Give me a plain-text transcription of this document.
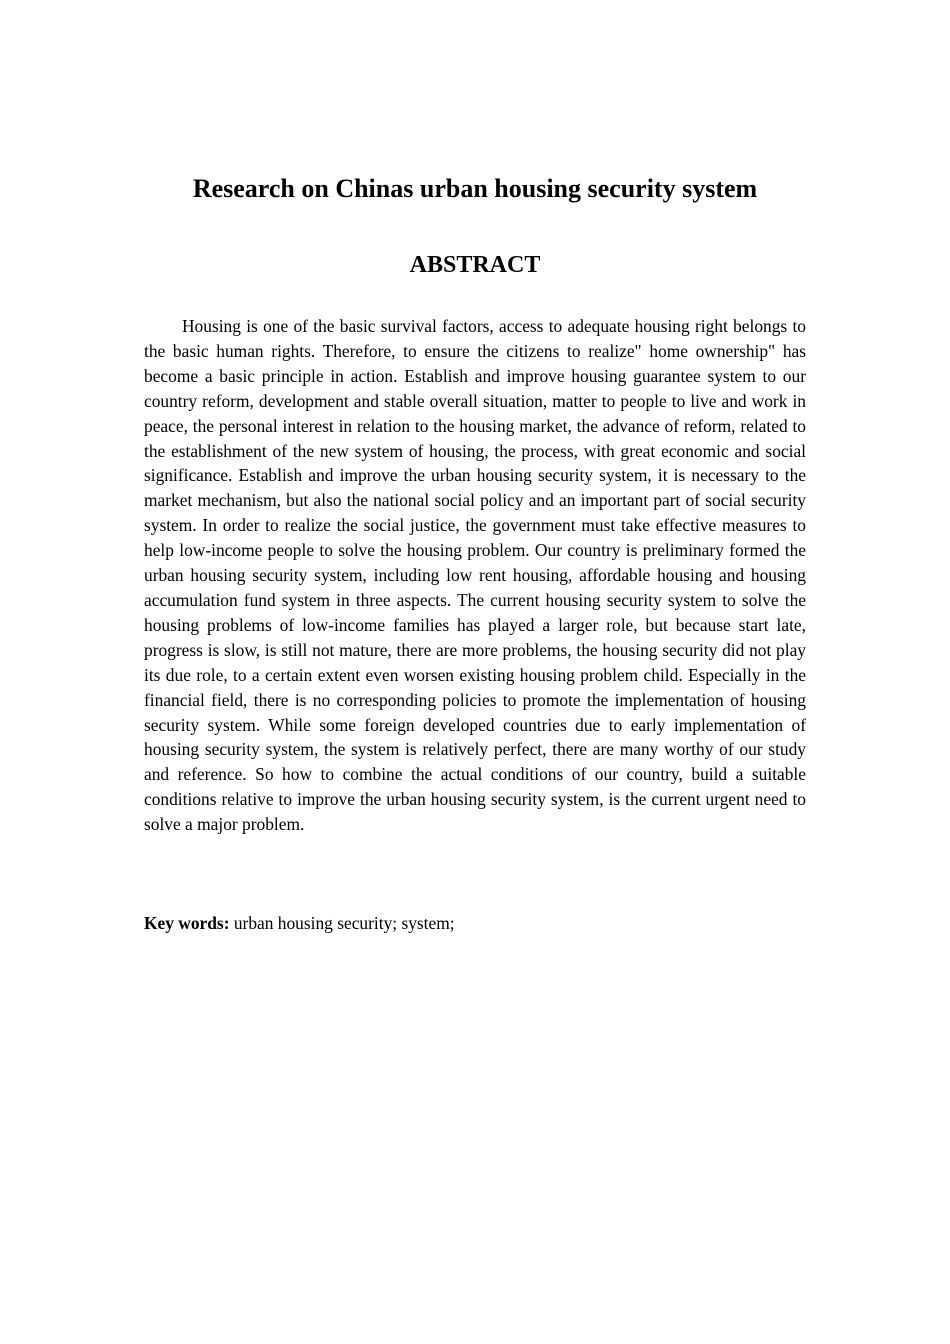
Research on Chinas urban housing security system
ABSTRACT

Housing is one of the basic survival factors, access to adequate housing right belongs to the basic human rights. Therefore, to ensure the citizens to realize" home ownership" has become a basic principle in action. Establish and improve housing guarantee system to our country reform, development and stable overall situation, matter to people to live and work in peace, the personal interest in relation to the housing market, the advance of reform, related to the establishment of the new system of housing, the process, with great economic and social significance. Establish and improve the urban housing security system, it is necessary to the market mechanism, but also the national social policy and an important part of social security system. In order to realize the social justice, the government must take effective measures to help low-income people to solve the housing problem. Our country is preliminary formed the urban housing security system, including low rent housing, affordable housing and housing accumulation fund system in three aspects. The current housing security system to solve the housing problems of low-income families has played a larger role, but because start late, progress is slow, is still not mature, there are more problems, the housing security did not play its due role, to a certain extent even worsen existing housing problem child. Especially in the financial field, there is no corresponding policies to promote the implementation of housing security system. While some foreign developed countries due to early implementation of housing security system, the system is relatively perfect, there are many worthy of our study and reference. So how to combine the actual conditions of our country, build a suitable conditions relative to improve the urban housing security system, is the current urgent need to solve a major problem.

Key words: urban housing security; system;
